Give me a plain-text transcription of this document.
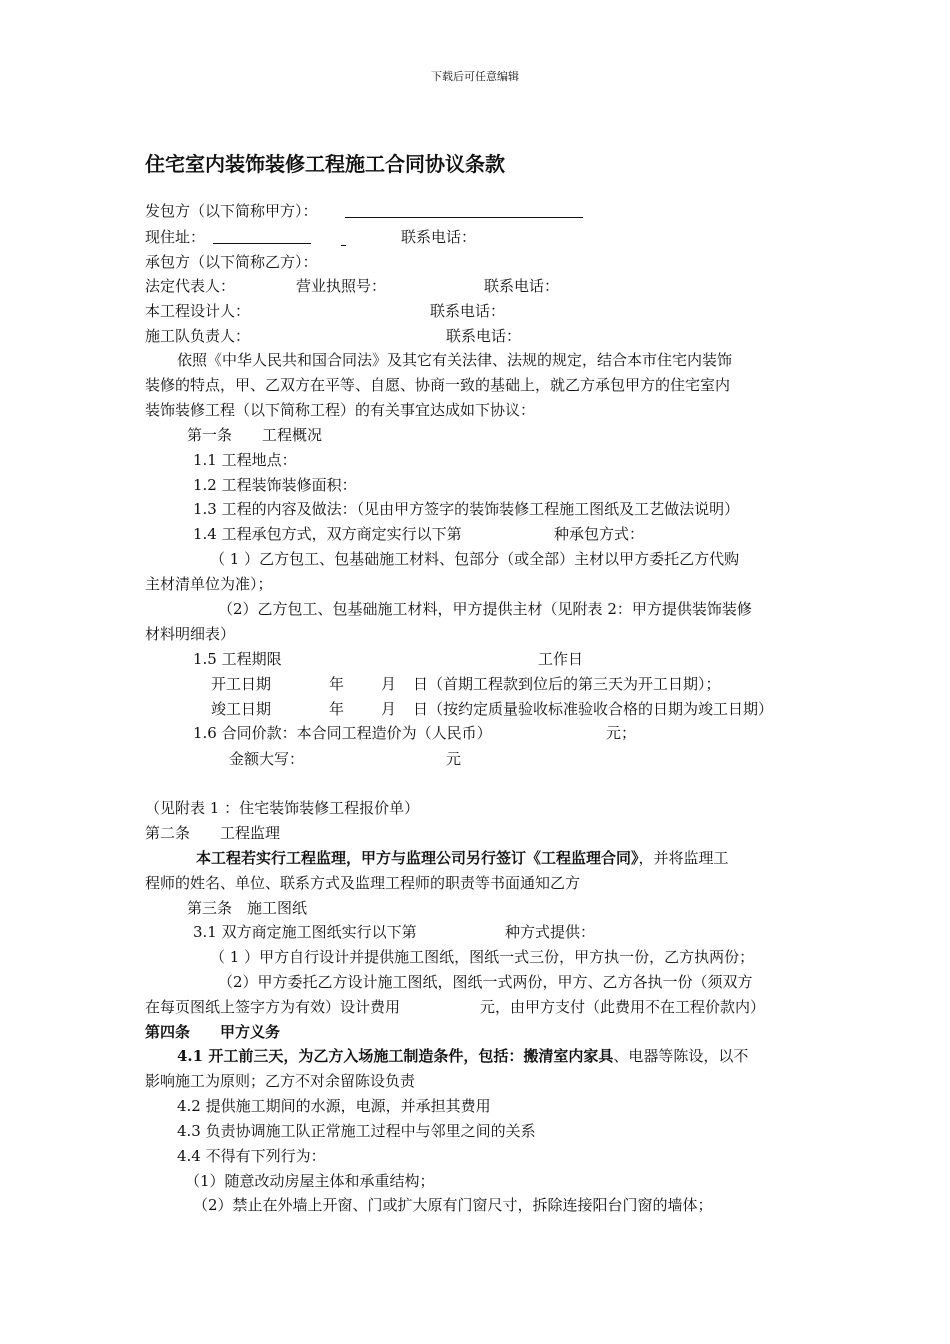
下载后可任意编辑
住宅室内装饰装修工程施工合同协议条款
发包方（以下简称甲方）：
现住址：	联系电话：
承包方（以下简称乙方）：
法定代表人：	营业执照号：	联系电话：
本工程设计人：	联系电话：
施工队负责人：	联系电话：
依照《中华人民共和国合同法》及其它有关法律、法规的规定，结合本市住宅内装饰
装修的特点，甲、乙双方在平等、自愿、协商一致的基础上，就乙方承包甲方的住宅室内
装饰装修工程（以下简称工程）的有关事宜达成如下协议：
第一条　　工程概况
1.1 工程地点：
1.2 工程装饰装修面积：
1.3 工程的内容及做法：（见由甲方签字的装饰装修工程施工图纸及工艺做法说明）
1.4 工程承包方式，双方商定实行以下第	种承包方式：
（ 1 ）乙方包工、包基础施工材料、包部分（或全部）主材以甲方委托乙方代购
主材清单位为准）；
（2）乙方包工、包基础施工材料，甲方提供主材（见附表 2：甲方提供装饰装修
材料明细表）
1.5 工程期限	工作日
开工日期	年 月 日（首期工程款到位后的第三天为开工日期）；
竣工日期	年 月 日（按约定质量验收标准验收合格的日期为竣工日期）
1.6 合同价款：本合同工程造价为（人民币）	元；
金额大写：	元
（见附表 1 ：住宅装饰装修工程报价单）
第二条　　工程监理
本工程若实行工程监理，甲方与监理公司另行签订《工程监理合同》，并将监理工
程师的姓名、单位、联系方式及监理工程师的职责等书面通知乙方
第三条　施工图纸
3.1 双方商定施工图纸实行以下第	种方式提供：
（ 1 ）甲方自行设计并提供施工图纸，图纸一式三份，甲方执一份，乙方执两份；
（2）甲方委托乙方设计施工图纸，图纸一式两份，甲方、乙方各执一份（须双方
在每页图纸上签字方为有效）设计费用	元，由甲方支付（此费用不在工程价款内）
第四条　　甲方义务
4.1 开工前三天，为乙方入场施工制造条件，包括：搬清室内家具、电器等陈设，以不
影响施工为原则；乙方不对余留陈设负责
4.2 提供施工期间的水源，电源，并承担其费用
4.3 负责协调施工队正常施工过程中与邻里之间的关系
4.4 不得有下列行为：
（1）随意改动房屋主体和承重结构；
（2）禁止在外墙上开窗、门或扩大原有门窗尺寸，拆除连接阳台门窗的墙体；
